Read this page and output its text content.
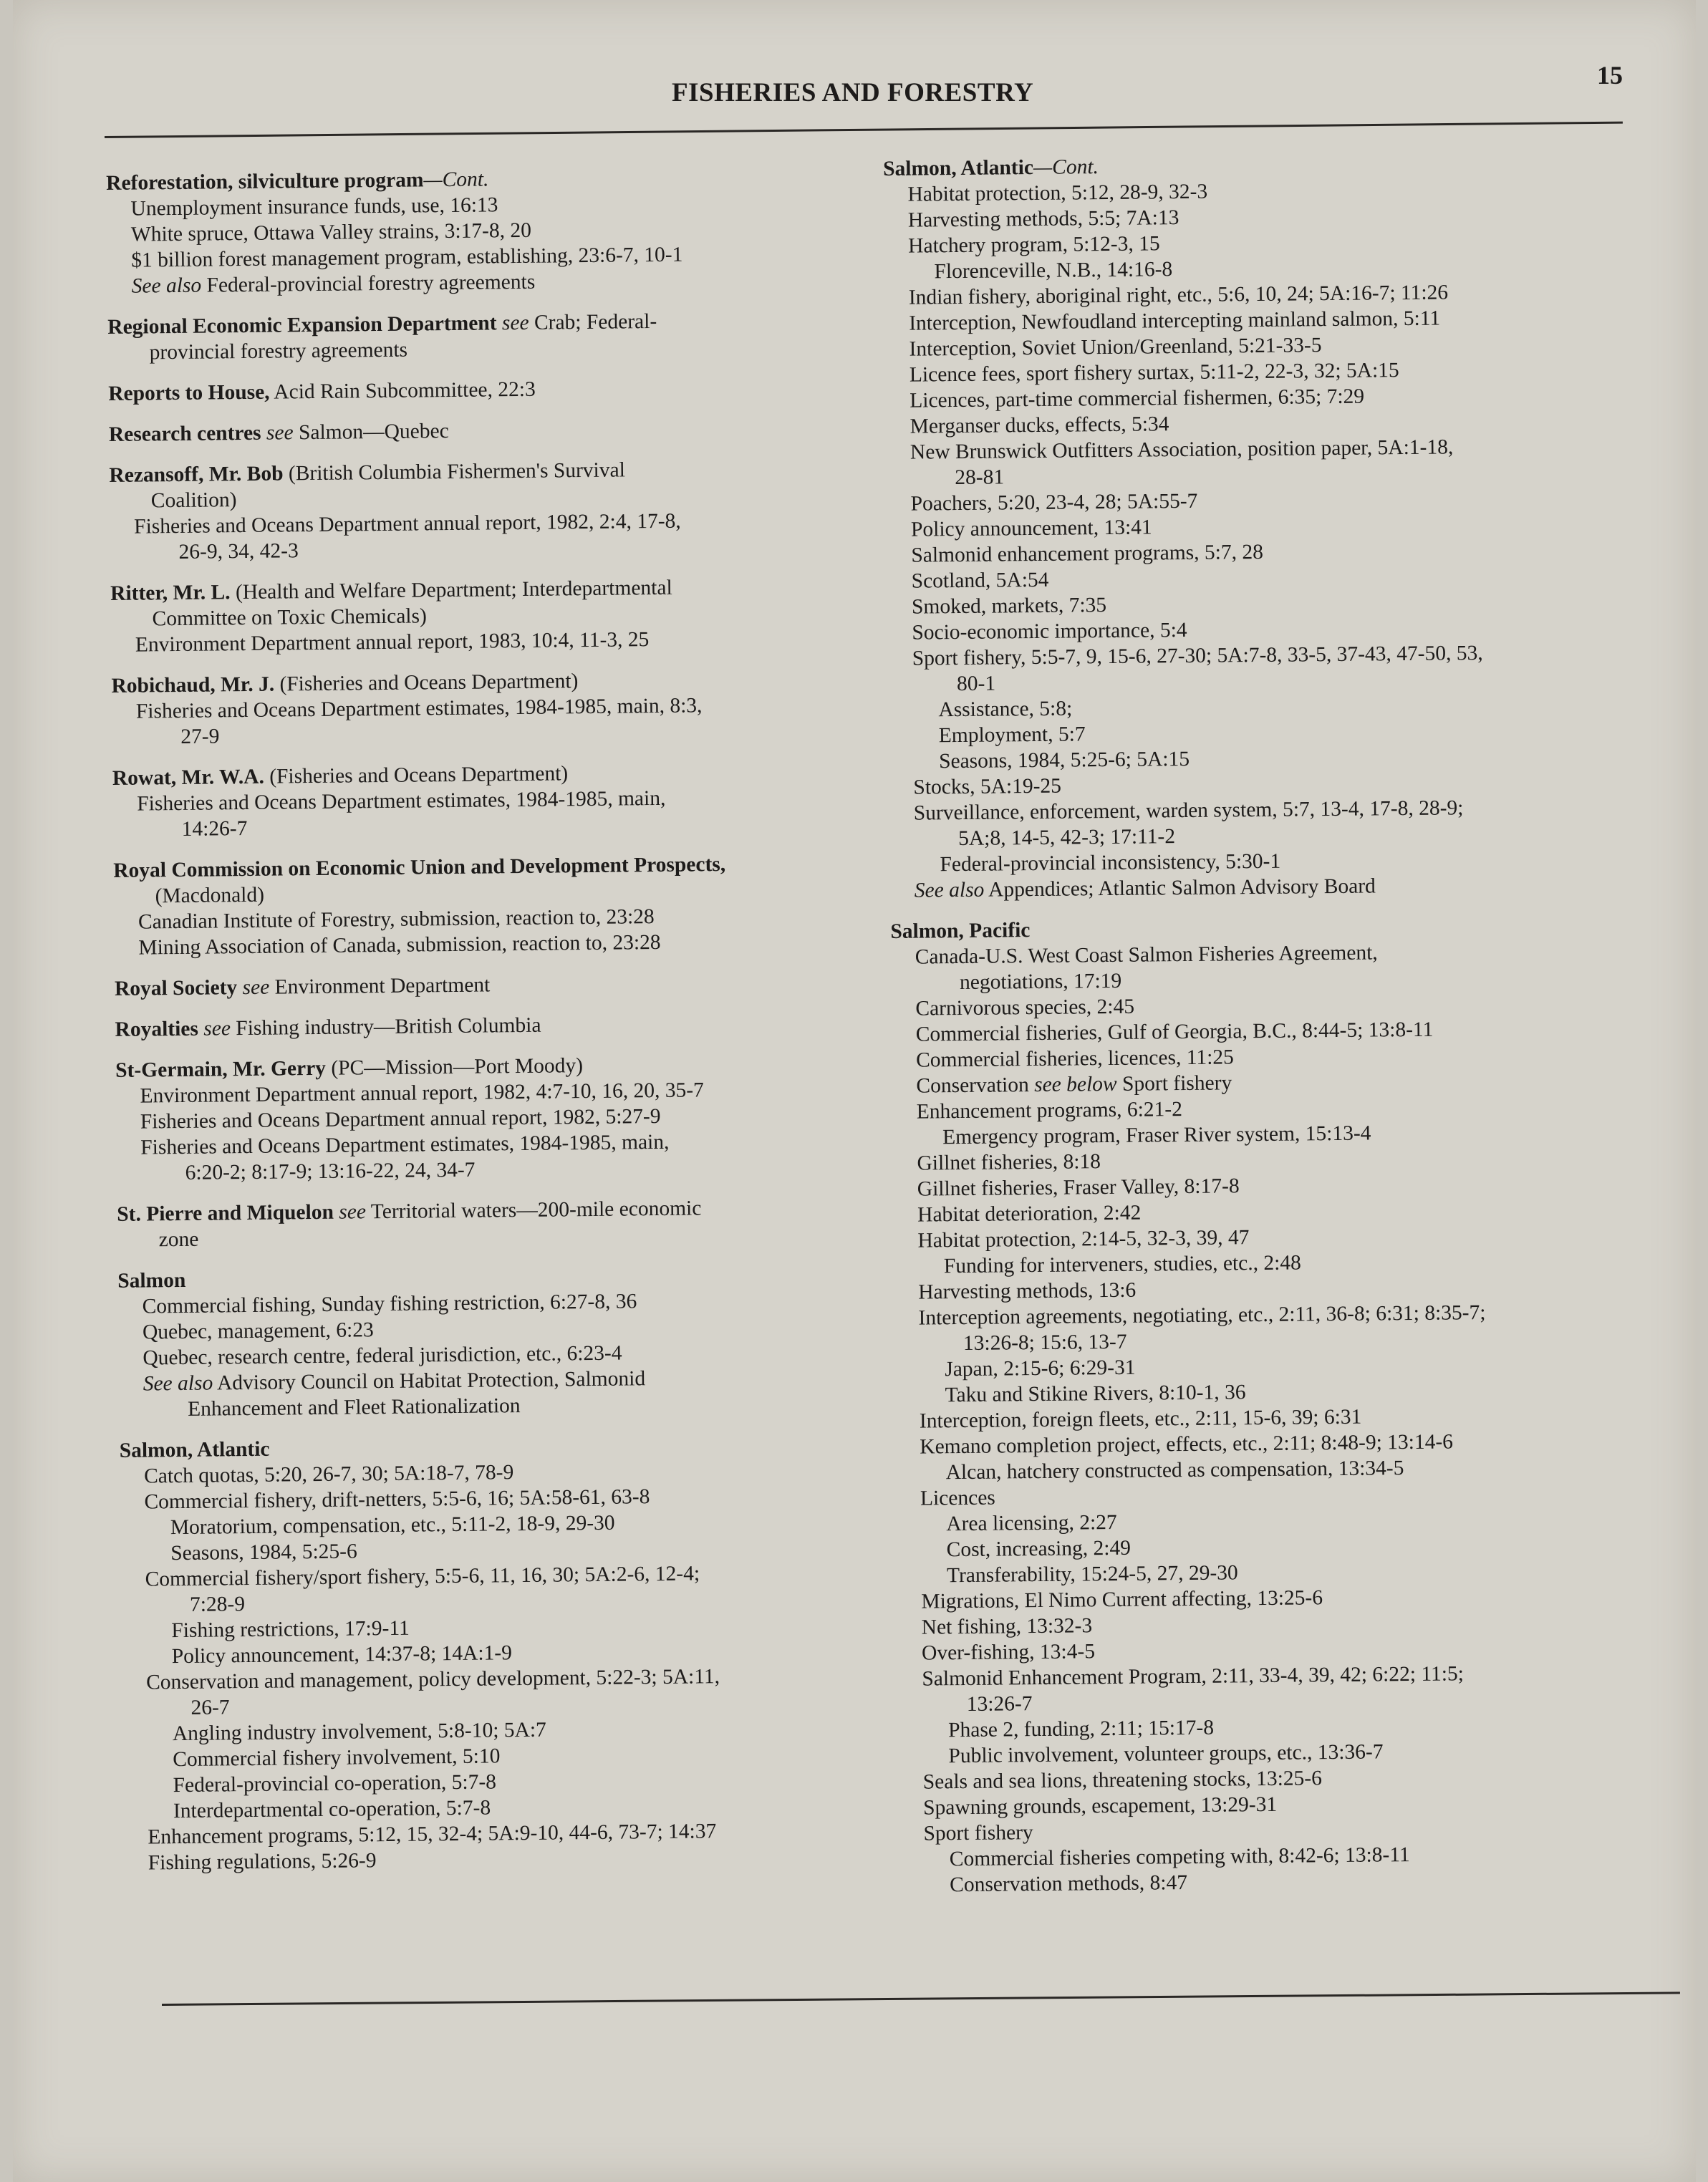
15
FISHERIES AND FORESTRY
Reforestation, silviculture program—Cont.
Unemployment insurance funds, use, 16:13
White spruce, Ottawa Valley strains, 3:17-8, 20
$1 billion forest management program, establishing, 23:6-7, 10-1
See also Federal-provincial forestry agreements
Regional Economic Expansion Department see Crab; Federal-
provincial forestry agreements
Reports to House, Acid Rain Subcommittee, 22:3
Research centres see Salmon—Quebec
Rezansoff, Mr. Bob (British Columbia Fishermen's Survival
Coalition)
Fisheries and Oceans Department annual report, 1982, 2:4, 17-8,
26-9, 34, 42-3
Ritter, Mr. L. (Health and Welfare Department; Interdepartmental
Committee on Toxic Chemicals)
Environment Department annual report, 1983, 10:4, 11-3, 25
Robichaud, Mr. J. (Fisheries and Oceans Department)
Fisheries and Oceans Department estimates, 1984-1985, main, 8:3,
27-9
Rowat, Mr. W.A. (Fisheries and Oceans Department)
Fisheries and Oceans Department estimates, 1984-1985, main,
14:26-7
Royal Commission on Economic Union and Development Prospects,
(Macdonald)
Canadian Institute of Forestry, submission, reaction to, 23:28
Mining Association of Canada, submission, reaction to, 23:28
Royal Society see Environment Department
Royalties see Fishing industry—British Columbia
St-Germain, Mr. Gerry (PC—Mission—Port Moody)
Environment Department annual report, 1982, 4:7-10, 16, 20, 35-7
Fisheries and Oceans Department annual report, 1982, 5:27-9
Fisheries and Oceans Department estimates, 1984-1985, main,
6:20-2; 8:17-9; 13:16-22, 24, 34-7
St. Pierre and Miquelon see Territorial waters—200-mile economic
zone
Salmon
Commercial fishing, Sunday fishing restriction, 6:27-8, 36
Quebec, management, 6:23
Quebec, research centre, federal jurisdiction, etc., 6:23-4
See also Advisory Council on Habitat Protection, Salmonid
Enhancement and Fleet Rationalization
Salmon, Atlantic
Catch quotas, 5:20, 26-7, 30; 5A:18-7, 78-9
Commercial fishery, drift-netters, 5:5-6, 16; 5A:58-61, 63-8
Moratorium, compensation, etc., 5:11-2, 18-9, 29-30
Seasons, 1984, 5:25-6
Commercial fishery/sport fishery, 5:5-6, 11, 16, 30; 5A:2-6, 12-4;
7:28-9
Fishing restrictions, 17:9-11
Policy announcement, 14:37-8; 14A:1-9
Conservation and management, policy development, 5:22-3; 5A:11,
26-7
Angling industry involvement, 5:8-10; 5A:7
Commercial fishery involvement, 5:10
Federal-provincial co-operation, 5:7-8
Interdepartmental co-operation, 5:7-8
Enhancement programs, 5:12, 15, 32-4; 5A:9-10, 44-6, 73-7; 14:37
Fishing regulations, 5:26-9
Salmon, Atlantic—Cont.
Habitat protection, 5:12, 28-9, 32-3
Harvesting methods, 5:5; 7A:13
Hatchery program, 5:12-3, 15
Florenceville, N.B., 14:16-8
Indian fishery, aboriginal right, etc., 5:6, 10, 24; 5A:16-7; 11:26
Interception, Newfoudland intercepting mainland salmon, 5:11
Interception, Soviet Union/Greenland, 5:21-33-5
Licence fees, sport fishery surtax, 5:11-2, 22-3, 32; 5A:15
Licences, part-time commercial fishermen, 6:35; 7:29
Merganser ducks, effects, 5:34
New Brunswick Outfitters Association, position paper, 5A:1-18,
28-81
Poachers, 5:20, 23-4, 28; 5A:55-7
Policy announcement, 13:41
Salmonid enhancement programs, 5:7, 28
Scotland, 5A:54
Smoked, markets, 7:35
Socio-economic importance, 5:4
Sport fishery, 5:5-7, 9, 15-6, 27-30; 5A:7-8, 33-5, 37-43, 47-50, 53,
80-1
Assistance, 5:8;
Employment, 5:7
Seasons, 1984, 5:25-6; 5A:15
Stocks, 5A:19-25
Surveillance, enforcement, warden system, 5:7, 13-4, 17-8, 28-9;
5A;8, 14-5, 42-3; 17:11-2
Federal-provincial inconsistency, 5:30-1
See also Appendices; Atlantic Salmon Advisory Board
Salmon, Pacific
Canada-U.S. West Coast Salmon Fisheries Agreement,
negotiations, 17:19
Carnivorous species, 2:45
Commercial fisheries, Gulf of Georgia, B.C., 8:44-5; 13:8-11
Commercial fisheries, licences, 11:25
Conservation see below Sport fishery
Enhancement programs, 6:21-2
Emergency program, Fraser River system, 15:13-4
Gillnet fisheries, 8:18
Gillnet fisheries, Fraser Valley, 8:17-8
Habitat deterioration, 2:42
Habitat protection, 2:14-5, 32-3, 39, 47
Funding for interveners, studies, etc., 2:48
Harvesting methods, 13:6
Interception agreements, negotiating, etc., 2:11, 36-8; 6:31; 8:35-7;
13:26-8; 15:6, 13-7
Japan, 2:15-6; 6:29-31
Taku and Stikine Rivers, 8:10-1, 36
Interception, foreign fleets, etc., 2:11, 15-6, 39; 6:31
Kemano completion project, effects, etc., 2:11; 8:48-9; 13:14-6
Alcan, hatchery constructed as compensation, 13:34-5
Licences
Area licensing, 2:27
Cost, increasing, 2:49
Transferability, 15:24-5, 27, 29-30
Migrations, El Nimo Current affecting, 13:25-6
Net fishing, 13:32-3
Over-fishing, 13:4-5
Salmonid Enhancement Program, 2:11, 33-4, 39, 42; 6:22; 11:5;
13:26-7
Phase 2, funding, 2:11; 15:17-8
Public involvement, volunteer groups, etc., 13:36-7
Seals and sea lions, threatening stocks, 13:25-6
Spawning grounds, escapement, 13:29-31
Sport fishery
Commercial fisheries competing with, 8:42-6; 13:8-11
Conservation methods, 8:47
